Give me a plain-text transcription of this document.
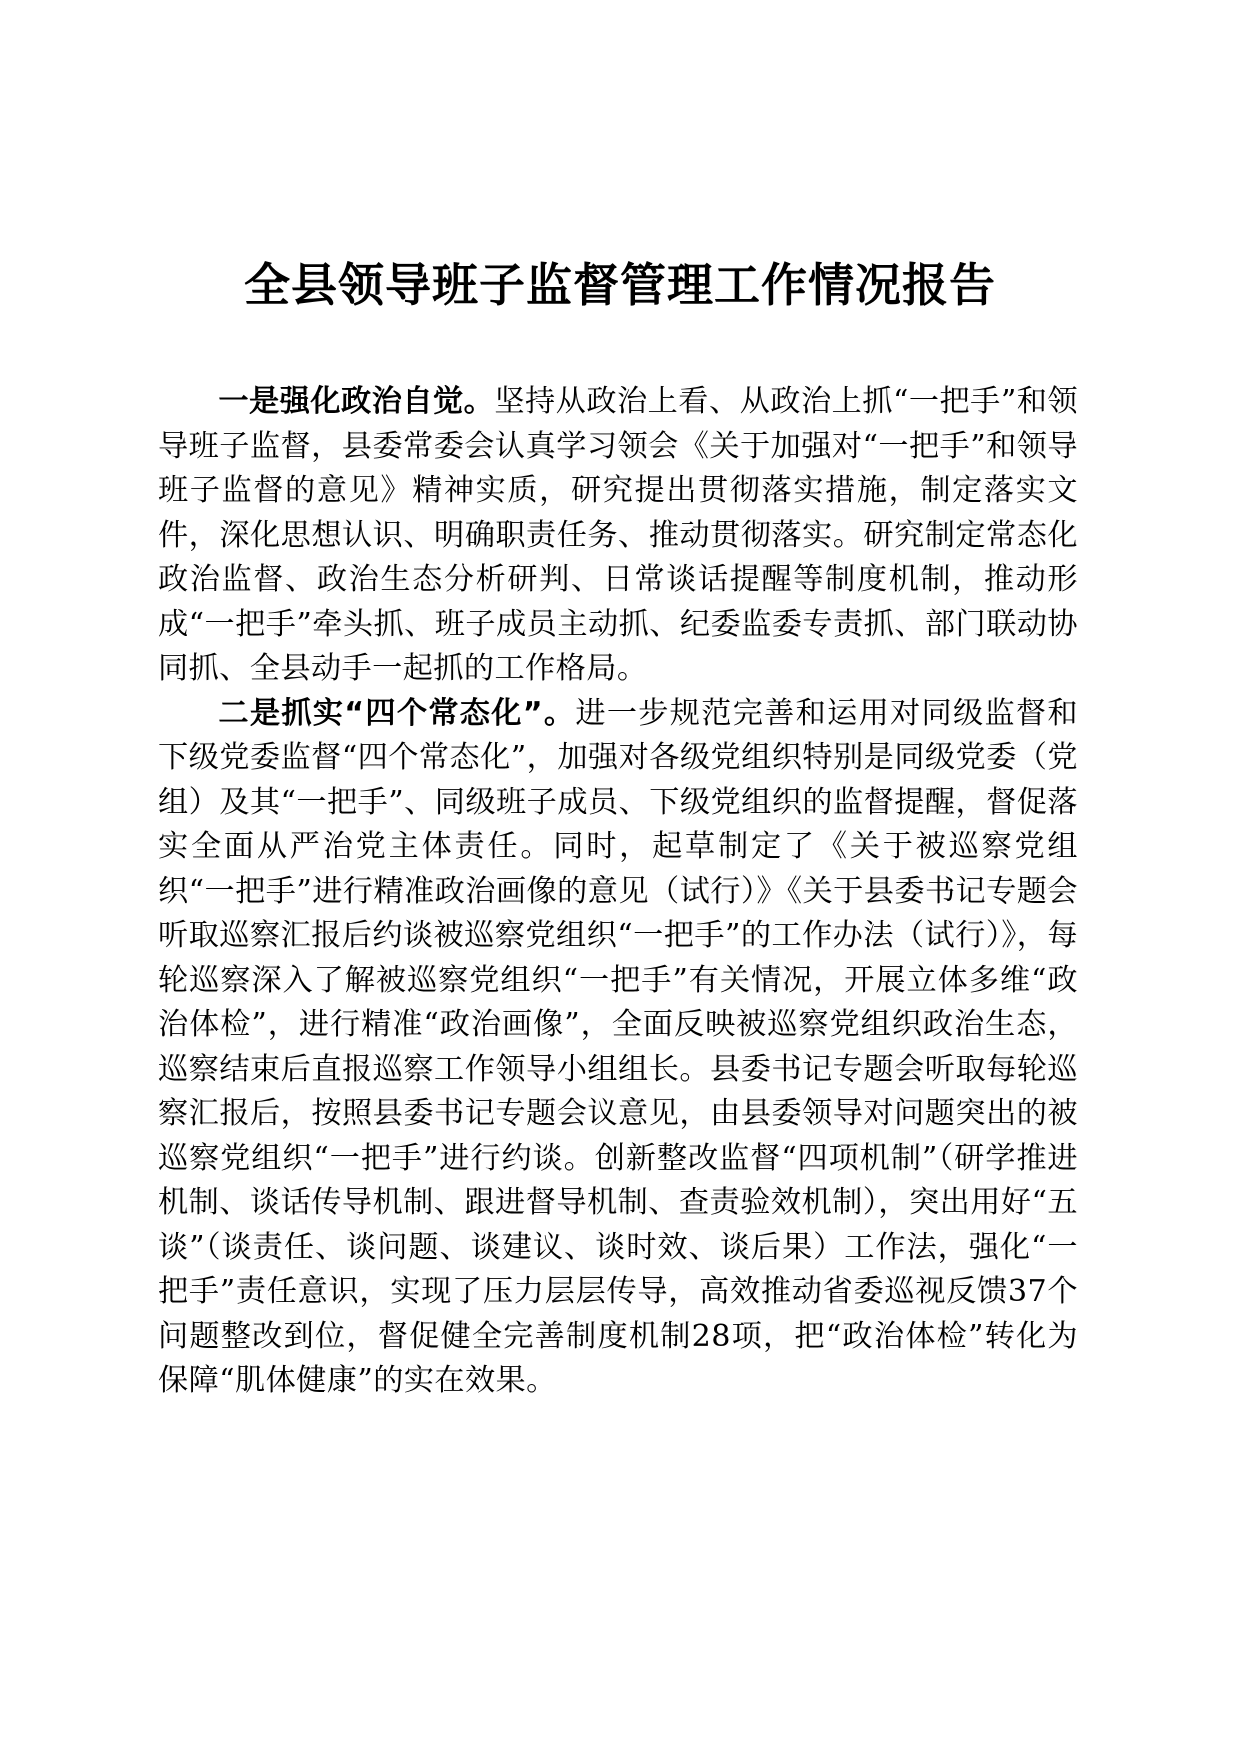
全县领导班子监督管理工作情况报告

一是强化政治自觉。坚持从政治上看、从政治上抓“一把手”和领导班子监督，县委常委会认真学习领会《关于加强对“一把手”和领导班子监督的意见》精神实质，研究提出贯彻落实措施，制定落实文件，深化思想认识、明确职责任务、推动贯彻落实。研究制定常态化政治监督、政治生态分析研判、日常谈话提醒等制度机制，推动形成“一把手”牵头抓、班子成员主动抓、纪委监委专责抓、部门联动协同抓、全县动手一起抓的工作格局。

二是抓实“四个常态化”。进一步规范完善和运用对同级监督和下级党委监督“四个常态化”，加强对各级党组织特别是同级党委（党组）及其“一把手”、同级班子成员、下级党组织的监督提醒，督促落实全面从严治党主体责任。同时，起草制定了《关于被巡察党组织“一把手”进行精准政治画像的意见（试行）》《关于县委书记专题会听取巡察汇报后约谈被巡察党组织“一把手”的工作办法（试行）》，每轮巡察深入了解被巡察党组织“一把手”有关情况，开展立体多维“政治体检”，进行精准“政治画像”，全面反映被巡察党组织政治生态，巡察结束后直报巡察工作领导小组组长。县委书记专题会听取每轮巡察汇报后，按照县委书记专题会议意见，由县委领导对问题突出的被巡察党组织“一把手”进行约谈。创新整改监督“四项机制”（研学推进机制、谈话传导机制、跟进督导机制、查责验效机制），突出用好“五谈”（谈责任、谈问题、谈建议、谈时效、谈后果）工作法，强化“一把手”责任意识，实现了压力层层传导，高效推动省委巡视反馈37个问题整改到位，督促健全完善制度机制28项，把“政治体检”转化为保障“肌体健康”的实在效果。
